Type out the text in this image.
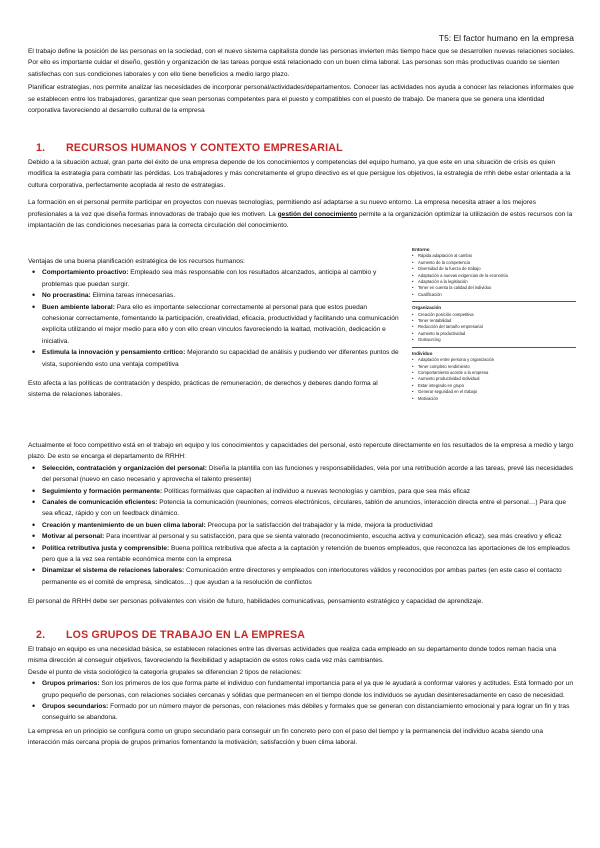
T5: El factor humano en la empresa

El trabajo define la posición de las personas en la sociedad, con el nuevo sistema capitalista donde las personas invierten más tiempo hace que se desarrollen nuevas relaciones sociales. Por ello es importante cuidar el diseño, gestión y organización de las tareas porque está relacionado con un buen clima laboral. Las personas son más productivas cuando se sienten satisfechas con sus condiciones laborales y con ello tiene beneficios a medio largo plazo.

Planificar estrategias, nos permite analizar las necesidades de incorporar personal/actividades/departamentos. Conocer las actividades nos ayuda a conocer las relaciones informales que se establecen entre los trabajadores, garantizar que sean personas competentes para el puesto y compatibles con el puesto de trabajo. De manera que se genera una identidad corporativa favoreciendo al desarrollo cultural de la empresa

1. RECURSOS HUMANOS Y CONTEXTO EMPRESARIAL

Debido a la situación actual, gran parte del éxito de una empresa depende de los conocimientos y competencias del equipo humano, ya que este en una situación de crisis es quien modifica la estrategia para combatir las pérdidas. Los trabajadores y más concretamente el grupo directivo es el que persigue los objetivos, la estrategia de rrhh debe estar orientada a la cultura corporativa, perfectamente acoplada al resto de estrategias.

La formación en el personal permite participar en proyectos con nuevas tecnologías, permitiendo así adaptarse a su nuevo entorno. La empresa necesita atraer a los mejores profesionales a la vez que diseña formas innovadoras de trabajo que les motiven. La gestión del conocimiento permite a la organización optimizar la utilización de estos recursos con la implantación de las condiciones necesarias para la correcta circulación del conocimiento.

Ventajas de una buena planificación estratégica de los recursos humanos:

• Comportamiento proactivo: Empleado sea más responsable con los resultados alcanzados, anticipa al cambio y problemas que puedan surgir.
• No procrastina: Elimina tareas innecesarias.
• Buen ambiente laboral: Para ello es importante seleccionar correctamente al personal para que estos puedan cohesionar correctamente, fomentando la participación, creatividad, eficacia, productividad y facilitando una comunicación explícita utilizando el mejor medio para ello y con ello crean vínculos favoreciendo la lealtad, motivación, dedicación e iniciativa.
• Estimula la innovación y pensamiento crítico: Mejorando su capacidad de análisis y pudiendo ver diferentes puntos de vista, suponiendo esto una ventaja competitiva

Esto afecta a las políticas de contratación y despido, prácticas de remuneración, de derechos y deberes dando forma al sistema de relaciones laborales.

Entorno
• Rápida adaptación al cambio
• Aumento de la competencia
• Diversidad de la fuerza de trabajo
• Adaptación a nuevas exigencias de la economía
• Adaptación a la legislación
• Tener en cuenta la calidad del individuo
• Cualificación
Organización
• Creación posición competitiva
• Tener rentabilidad
• Reducción del tamaño empresarial
• Aumento la productividad
• Outsourcing
Individuo
• Adaptación entre persona y organización
• Tener completo rendimiento
• Comportamiento acorde a la empresa
• Aumento productividad individual
• Estar integrado en grupo
• Generar seguridad en el trabajo
• Motivación

Actualmente el foco competitivo está en el trabajo en equipo y los conocimientos y capacidades del personal, esto repercute directamente en los resultados de la empresa a medio y largo plazo. De esto se encarga el departamento de RRHH:

• Selección, contratación y organización del personal: Diseña la plantilla con las funciones y responsabilidades, vela por una retribución acorde a las tareas, prevé las necesidades del personal (nuevo en caso necesario y aprovecha el talento presente)
• Seguimiento y formación permanente: Políticas formativas que capaciten al individuo a nuevas tecnologías y cambios, para que sea más eficaz
• Canales de comunicación eficientes: Potencia la comunicación (reuniones, correos electrónicos, circulares, tablón de anuncios, interacción directa entre el personal…) Para que sea eficaz, rápido y con un feedback dinámico.
• Creación y mantenimiento de un buen clima laboral: Preocupa por la satisfacción del trabajador y la mide, mejora la productividad
• Motivar al personal: Para incentivar al personal y su satisfacción, para que se sienta valorado (reconocimiento, escucha activa y comunicación eficaz), sea más creativo y eficaz
• Política retributiva justa y comprensible: Buena política retributiva que afecta a la captación y retención de buenos empleados, que reconozca las aportaciones de los empleados pero que a la vez sea rentable económica mente con la empresa
• Dinamizar el sistema de relaciones laborales: Comunicación entre directores y empleados con interlocutores válidos y reconocidos por ambas partes (en este caso el contacto permanente es el comité de empresa, sindicatos…) que ayudan a la resolución de conflictos

El personal de RRHH debe ser personas polivalentes con visión de futuro, habilidades comunicativas, pensamiento estratégico y capacidad de aprendizaje.

2. LOS GRUPOS DE TRABAJO EN LA EMPRESA

El trabajo en equipo es una necesidad básica, se establecen relaciones entre las diversas actividades que realiza cada empleado en su departamento donde todos reman hacia una misma dirección al conseguir objetivos, favoreciendo la flexibilidad y adaptación de estos roles cada vez más cambiantes.

Desde el punto de vista sociológico la categoría grupales se diferencian 2 tipos de relaciones:

• Grupos primarios: Son los primeros de los que forma parte el individuo con fundamental importancia para el ya que le ayudará a conformar valores y actitudes. Está formado por un grupo pequeño de personas, con relaciones sociales cercanas y sólidas que permanecen en el tiempo donde los individuos se ayudan desinteresadamente en caso de necesidad.
• Grupos secundarios: Formado por un número mayor de personas, con relaciones más débiles y formales que se generan con distanciamiento emocional y para lograr un fin y tras conseguirlo se abandona.

La empresa en un principio se configura como un grupo secundario para conseguir un fin concreto pero con el paso del tiempo y la permanencia del individuo acaba siendo una interacción más cercana propia de grupos primarios fomentando la motivación, satisfacción y buen clima laboral.
